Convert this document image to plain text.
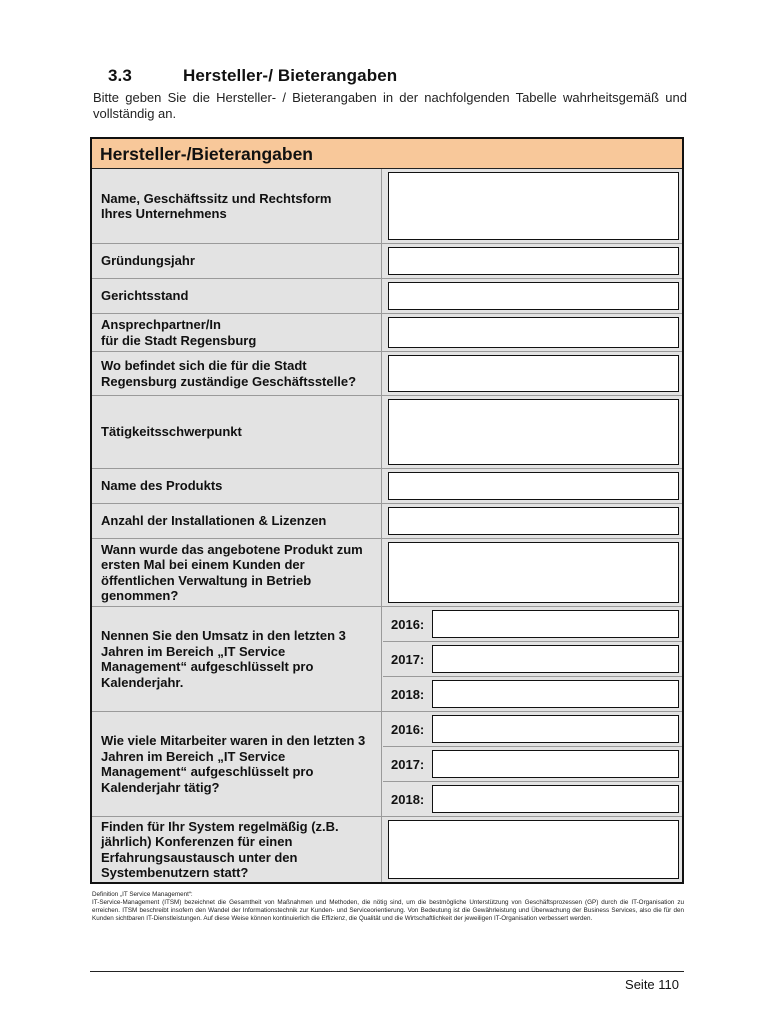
3.3	Hersteller-/ Bieterangaben

Bitte geben Sie die Hersteller- / Bieterangaben in der nachfolgenden Tabelle wahrheitsgemäß und vollständig an.

Hersteller-/Bieterangaben
Name, Geschäftssitz und Rechtsform
Ihres Unternehmens
Gründungsjahr
Gerichtsstand
Ansprechpartner/In
für die Stadt Regensburg
Wo befindet sich die für die Stadt Regensburg zuständige Geschäftsstelle?
Tätigkeitsschwerpunkt
Name des Produkts
Anzahl der Installationen & Lizenzen
Wann wurde das angebotene Produkt zum ersten Mal bei einem Kunden der öffentlichen Verwaltung in Betrieb genommen?
Nennen Sie den Umsatz in den letzten 3 Jahren im Bereich „IT Service Management“ aufgeschlüsselt pro Kalenderjahr.
2016:
2017:
2018:
Wie viele Mitarbeiter waren in den letzten 3 Jahren im Bereich „IT Service Management“ aufgeschlüsselt pro Kalenderjahr tätig?
2016:
2017:
2018:
Finden für Ihr System regelmäßig (z.B. jährlich) Konferenzen für einen Erfahrungsaustausch unter den Systembenutzern statt?

Definition „IT Service Management“:

IT-Service-Management (ITSM) bezeichnet die Gesamtheit von Maßnahmen und Methoden, die nötig sind, um die bestmögliche Unterstützung von Geschäftsprozessen (GP) durch die IT-Organisation zu erreichen. ITSM beschreibt insofern den Wandel der Informationstechnik zur Kunden- und Serviceorientierung. Von Bedeutung ist die Gewährleistung und Überwachung der Business Services, also die für den Kunden sichtbaren IT-Dienstleistungen. Auf diese Weise können kontinuierlich die Effizienz, die Qualität und die Wirtschaftlichkeit der jeweiligen IT-Organisation verbessert werden.

Seite 110
